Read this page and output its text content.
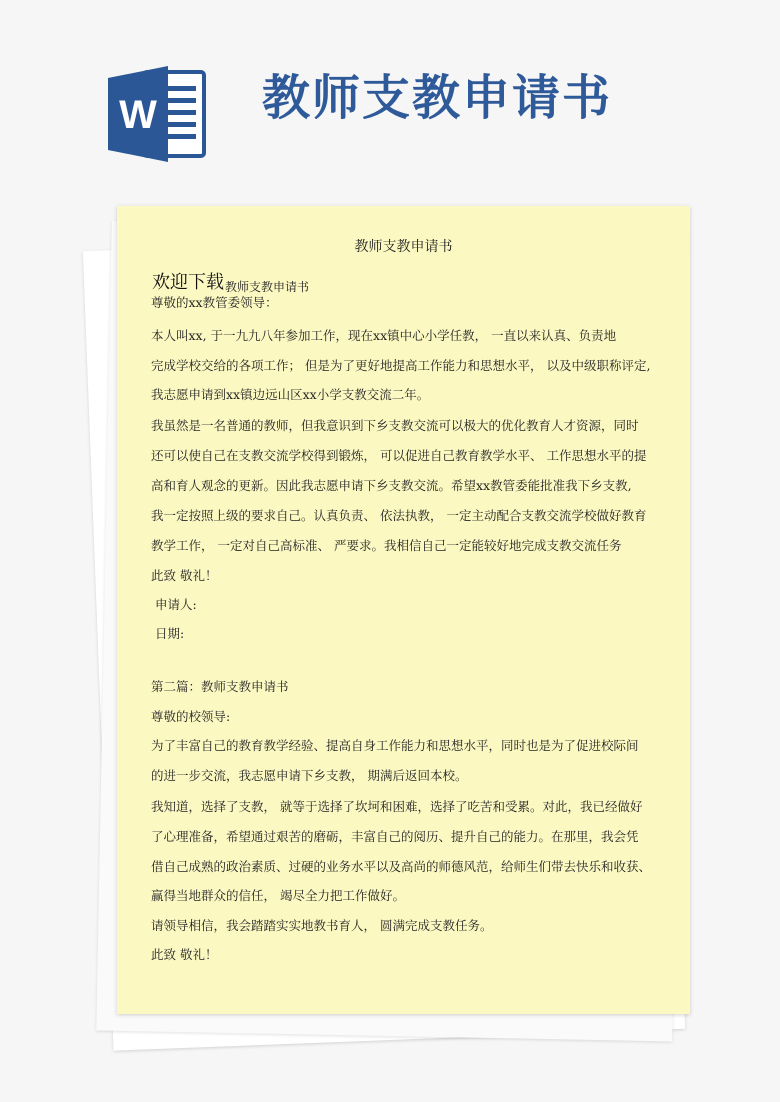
W 教师支教申请书
教师支教申请书
欢迎下载 教师支教申请书
尊敬的xx教管委领导：
本人叫xx, 于一九九八年参加工作，现在xx镇中心小学任教， 一直以来认真、负责地
完成学校交给的各项工作； 但是为了更好地提高工作能力和思想水平， 以及中级职称评定,
我志愿申请到xx镇边远山区xx小学支教交流二年。
我虽然是一名普通的教师，但我意识到下乡支教交流可以极大的优化教育人才资源，同时
还可以使自己在支教交流学校得到锻炼， 可以促进自己教育教学水平、 工作思想水平的提
高和育人观念的更新。因此我志愿申请下乡支教交流。希望xx教管委能批准我下乡支教,
我一定按照上级的要求自己。认真负责、 依法执教， 一定主动配合支教交流学校做好教育
教学工作， 一定对自己高标准、 严要求。我相信自己一定能较好地完成支教交流任务
此致 敬礼！
申请人:
日期:
第二篇：教师支教申请书
尊敬的校领导:
为了丰富自己的教育教学经验、提高自身工作能力和思想水平，同时也是为了促进校际间
的进一步交流，我志愿申请下乡支教， 期满后返回本校。
我知道，选择了支教， 就等于选择了坎坷和困难，选择了吃苦和受累。对此，我已经做好
了心理准备，希望通过艰苦的磨砺，丰富自己的阅历、提升自己的能力。在那里，我会凭
借自己成熟的政治素质、过硬的业务水平以及高尚的师德风范，给师生们带去快乐和收获、
赢得当地群众的信任， 竭尽全力把工作做好。
请领导相信，我会踏踏实实地教书育人， 圆满完成支教任务。
此致 敬礼！
